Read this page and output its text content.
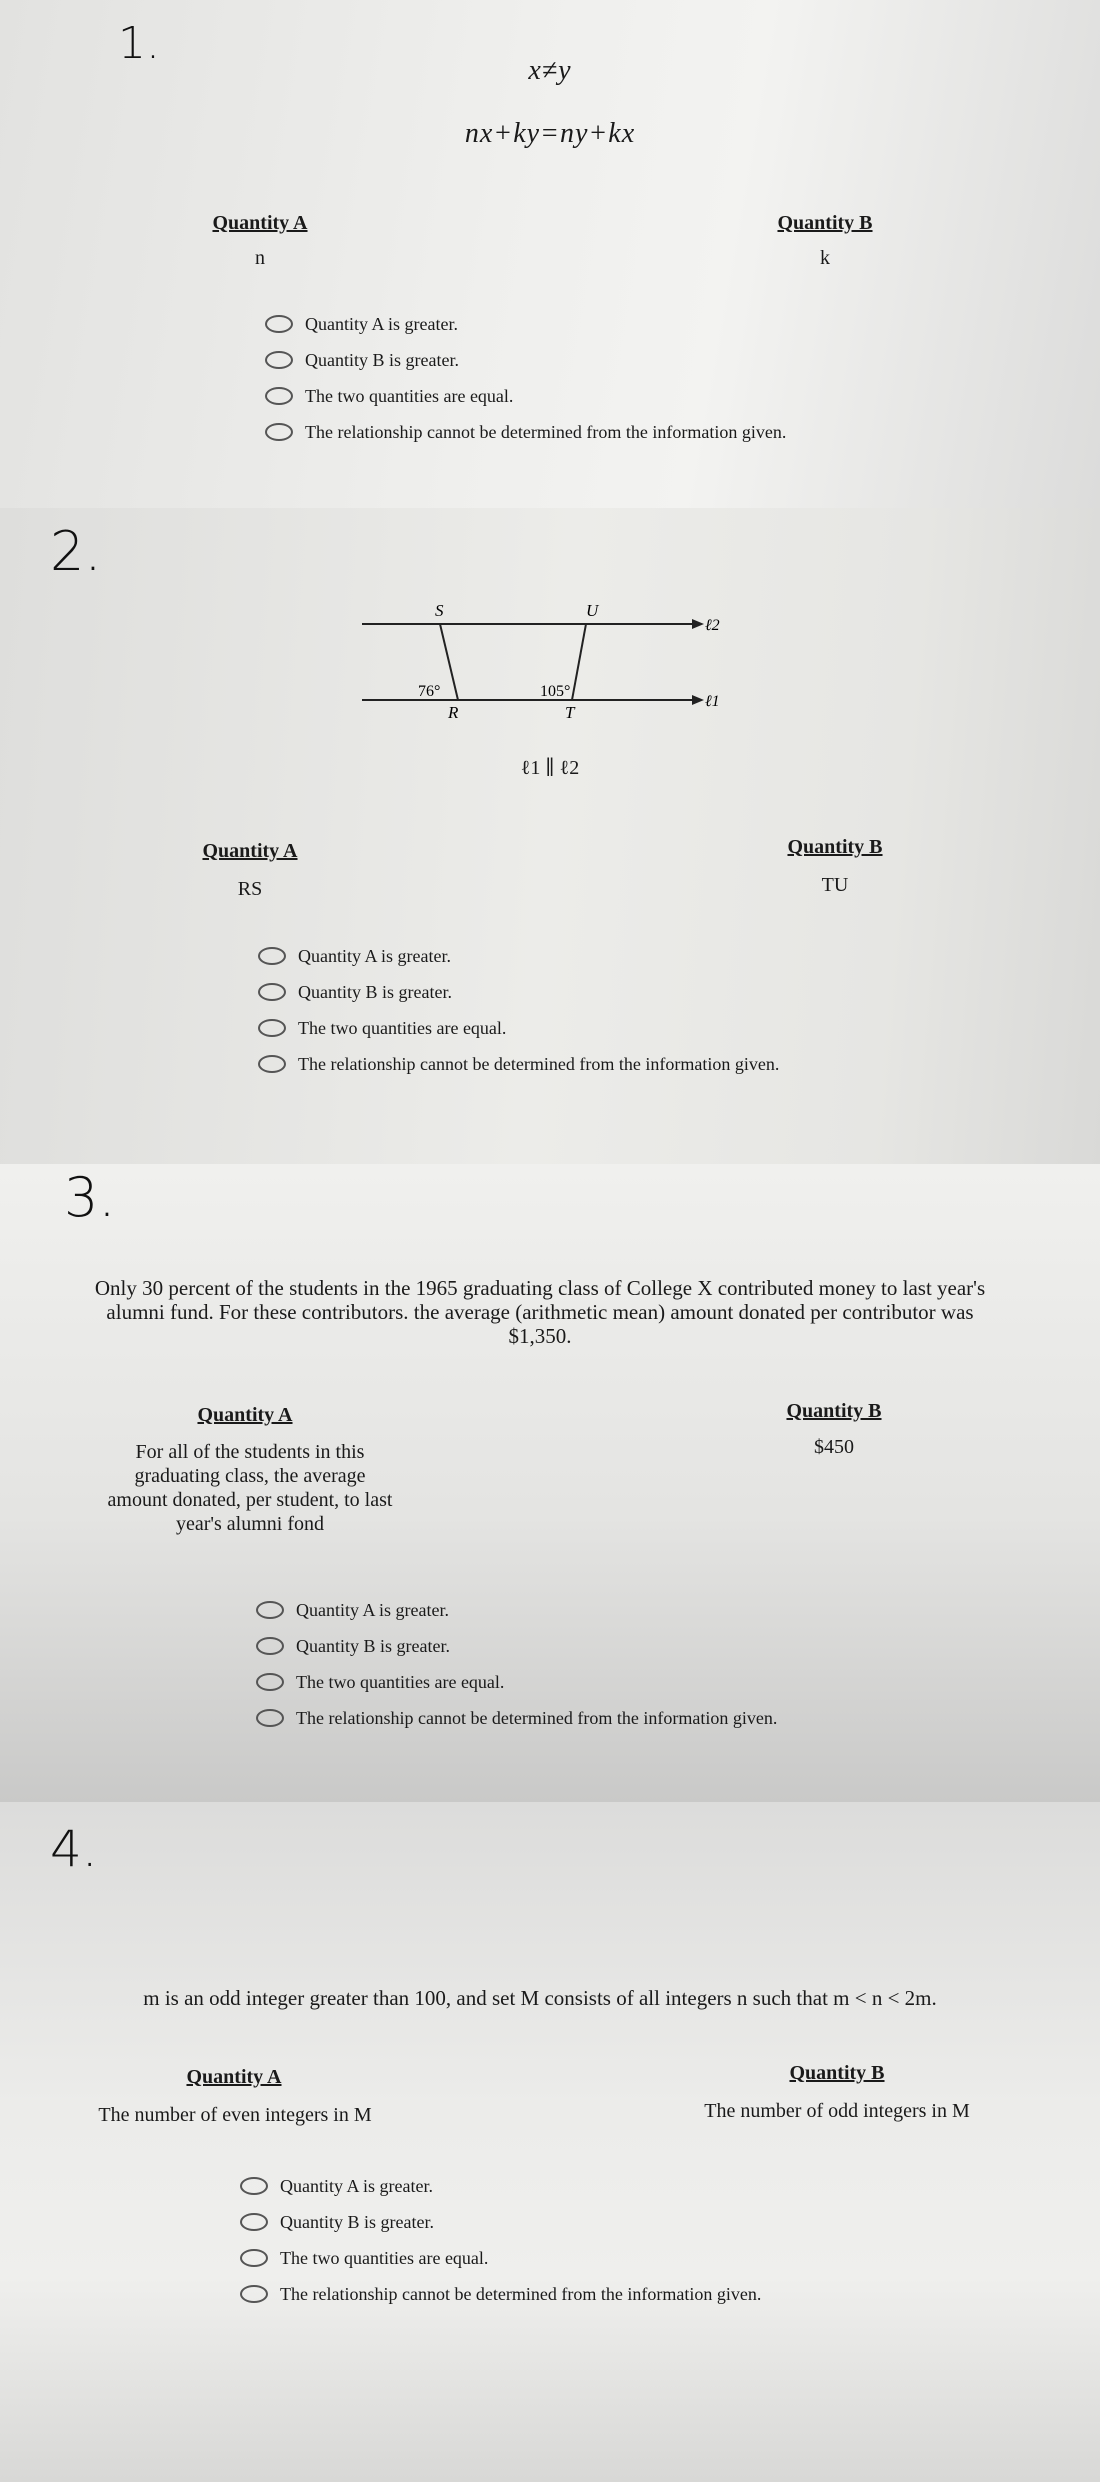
1.
x≠y
nx+ky=ny+kx
Quantity A
n
Quantity B
k
Quantity A is greater.
Quantity B is greater.
The two quantities are equal.
The relationship cannot be determined from the information given.
2.
S	U
R	T
76°	105°
ℓ2
ℓ1
ℓ1 ∥ ℓ2
Quantity A
RS
Quantity B
TU
Quantity A is greater.
Quantity B is greater.
The two quantities are equal.
The relationship cannot be determined from the information given.
3.
Only 30 percent of the students in the 1965 graduating class of College X contributed money to last year's
alumni fund. For these contributors. the average (arithmetic mean) amount donated per contributor was
$1,350.
Quantity A
For all of the students in this
graduating class, the average
amount donated, per student, to last
year's alumni fond
Quantity B
$450
Quantity A is greater.
Quantity B is greater.
The two quantities are equal.
The relationship cannot be determined from the information given.
4.
m is an odd integer greater than 100, and set M consists of all integers n such that m < n < 2m.
Quantity A
The number of even integers in M
Quantity B
The number of odd integers in M
Quantity A is greater.
Quantity B is greater.
The two quantities are equal.
The relationship cannot be determined from the information given.
